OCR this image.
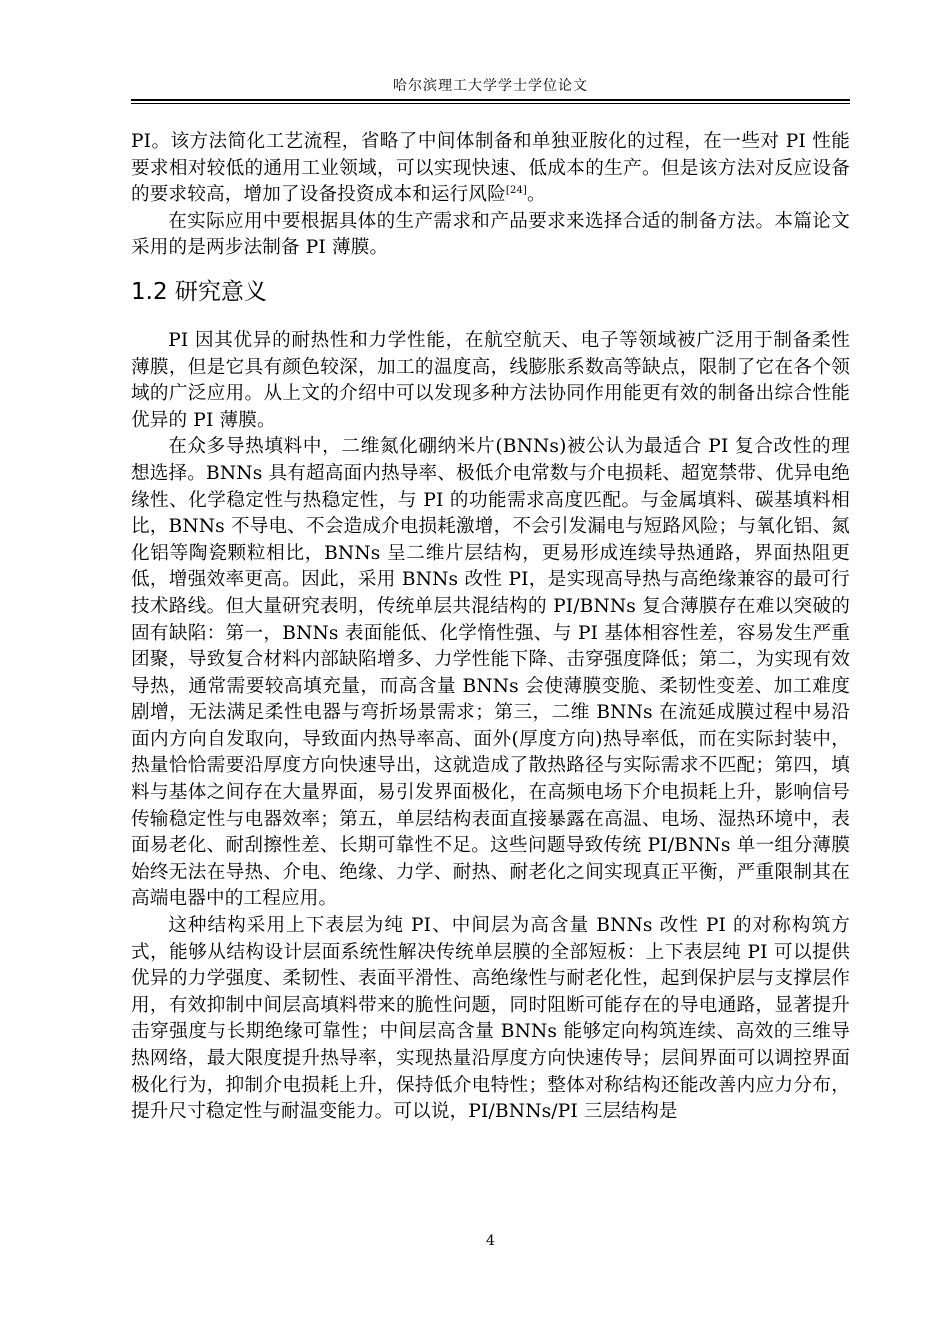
哈尔滨理工大学学士学位论文

PI。该方法简化工艺流程，省略了中间体制备和单独亚胺化的过程，在一些对 PI 性能要求相对较低的通用工业领域，可以实现快速、低成本的生产。但是该方法对反应设备的要求较高，增加了设备投资成本和运行风险[24]。

在实际应用中要根据具体的生产需求和产品要求来选择合适的制备方法。本篇论文采用的是两步法制备 PI 薄膜。

1.2 研究意义

PI 因其优异的耐热性和力学性能，在航空航天、电子等领域被广泛用于制备柔性薄膜，但是它具有颜色较深，加工的温度高，线膨胀系数高等缺点，限制了它在各个领域的广泛应用。从上文的介绍中可以发现多种方法协同作用能更有效的制备出综合性能优异的 PI 薄膜。

在众多导热填料中，二维氮化硼纳米片(BNNs)被公认为最适合 PI 复合改性的理想选择。BNNs 具有超高面内热导率、极低介电常数与介电损耗、超宽禁带、优异电绝缘性、化学稳定性与热稳定性，与 PI 的功能需求高度匹配。与金属填料、碳基填料相比，BNNs 不导电、不会造成介电损耗激增，不会引发漏电与短路风险；与氧化铝、氮化铝等陶瓷颗粒相比，BNNs 呈二维片层结构，更易形成连续导热通路，界面热阻更低，增强效率更高。因此，采用 BNNs 改性 PI，是实现高导热与高绝缘兼容的最可行技术路线。但大量研究表明，传统单层共混结构的 PI/BNNs 复合薄膜存在难以突破的固有缺陷：第一，BNNs 表面能低、化学惰性强、与 PI 基体相容性差，容易发生严重团聚，导致复合材料内部缺陷增多、力学性能下降、击穿强度降低；第二，为实现有效导热，通常需要较高填充量，而高含量 BNNs 会使薄膜变脆、柔韧性变差、加工难度剧增，无法满足柔性电器与弯折场景需求；第三，二维 BNNs 在流延成膜过程中易沿面内方向自发取向，导致面内热导率高、面外(厚度方向)热导率低，而在实际封装中，热量恰恰需要沿厚度方向快速导出，这就造成了散热路径与实际需求不匹配；第四，填料与基体之间存在大量界面，易引发界面极化，在高频电场下介电损耗上升，影响信号传输稳定性与电器效率；第五，单层结构表面直接暴露在高温、电场、湿热环境中，表面易老化、耐刮擦性差、长期可靠性不足。这些问题导致传统 PI/BNNs 单一组分薄膜始终无法在导热、介电、绝缘、力学、耐热、耐老化之间实现真正平衡，严重限制其在高端电器中的工程应用。

这种结构采用上下表层为纯 PI、中间层为高含量 BNNs 改性 PI 的对称构筑方式，能够从结构设计层面系统性解决传统单层膜的全部短板：上下表层纯 PI 可以提供优异的力学强度、柔韧性、表面平滑性、高绝缘性与耐老化性，起到保护层与支撑层作用，有效抑制中间层高填料带来的脆性问题，同时阻断可能存在的导电通路，显著提升击穿强度与长期绝缘可靠性；中间层高含量 BNNs 能够定向构筑连续、高效的三维导热网络，最大限度提升热导率，实现热量沿厚度方向快速传导；层间界面可以调控界面极化行为，抑制介电损耗上升，保持低介电特性；整体对称结构还能改善内应力分布，提升尺寸稳定性与耐温变能力。可以说，PI/BNNs/PI 三层结构是

4
